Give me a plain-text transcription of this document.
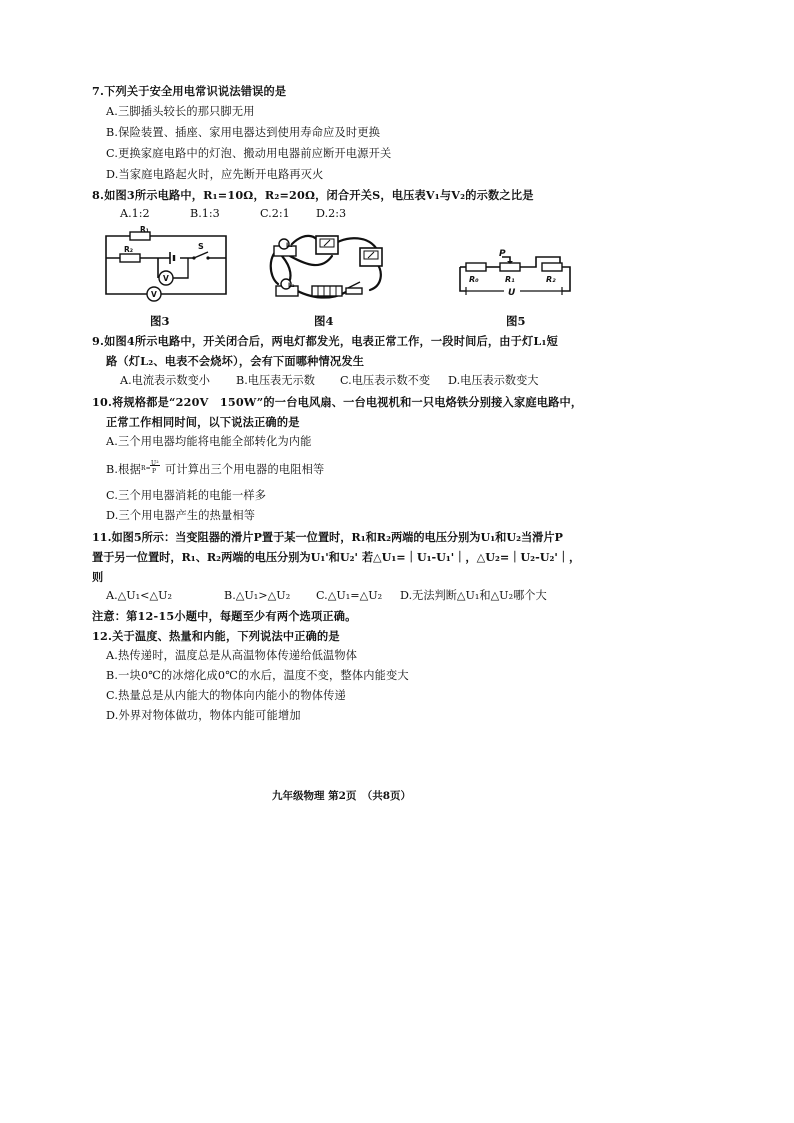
7.下列关于安全用电常识说法错误的是
A.三脚插头较长的那只脚无用
B.保险装置、插座、家用电器达到使用寿命应及时更换
C.更换家庭电路中的灯泡、搬动用电器前应断开电源开关
D.当家庭电路起火时，应先断开电路再灭火
8.如图3所示电路中，R₁=10Ω，R₂=20Ω，闭合开关S，电压表V₁与V₂的示数之比是
A.1:2	B.1:3	C.2:1 D.2:3
R₁
R₂	S
V
V
图3
L₁
L₂
图4
P
R₀	R₁	R₂
U
图5
9.如图4所示电路中，开关闭合后，两电灯都发光，电表正常工作，一段时间后，由于灯L₁短
路（灯L₂、电表不会烧坏），会有下面哪种情况发生
A.电流表示数变小 B.电压表无示数 C.电压表示数不变 D.电压表示数变大
10.将规格都是“220V　150W”的一台电风扇、一台电视机和一只电烙铁分别接入家庭电路中，
正常工作相同时间，以下说法正确的是
A.三个用电器均能将电能全部转化为内能
B.根据 R=
U²
P 可计算出三个用电器的电阻相等
C.三个用电器消耗的电能一样多
D.三个用电器产生的热量相等
11.如图5所示：当变阻器的滑片P置于某一位置时，R₁和R₂两端的电压分别为U₁和U₂当滑片P
置于另一位置时，R₁、R₂两端的电压分别为U₁'和U₂' 若△U₁=｜U₁-U₁'｜，△U₂=｜U₂-U₂'｜，
则
A.△U₁<△U₂	B.△U₁>△U₂ C.△U₁=△U₂ D.无法判断△U₁和△U₂哪个大
注意：第12-15小题中，每题至少有两个选项正确。
12.关于温度、热量和内能，下列说法中正确的是
A.热传递时，温度总是从高温物体传递给低温物体
B.一块0℃的冰熔化成0℃的水后，温度不变，整体内能变大
C.热量总是从内能大的物体向内能小的物体传递
D.外界对物体做功，物体内能可能增加
九年级物理 第2页　（共8页）
